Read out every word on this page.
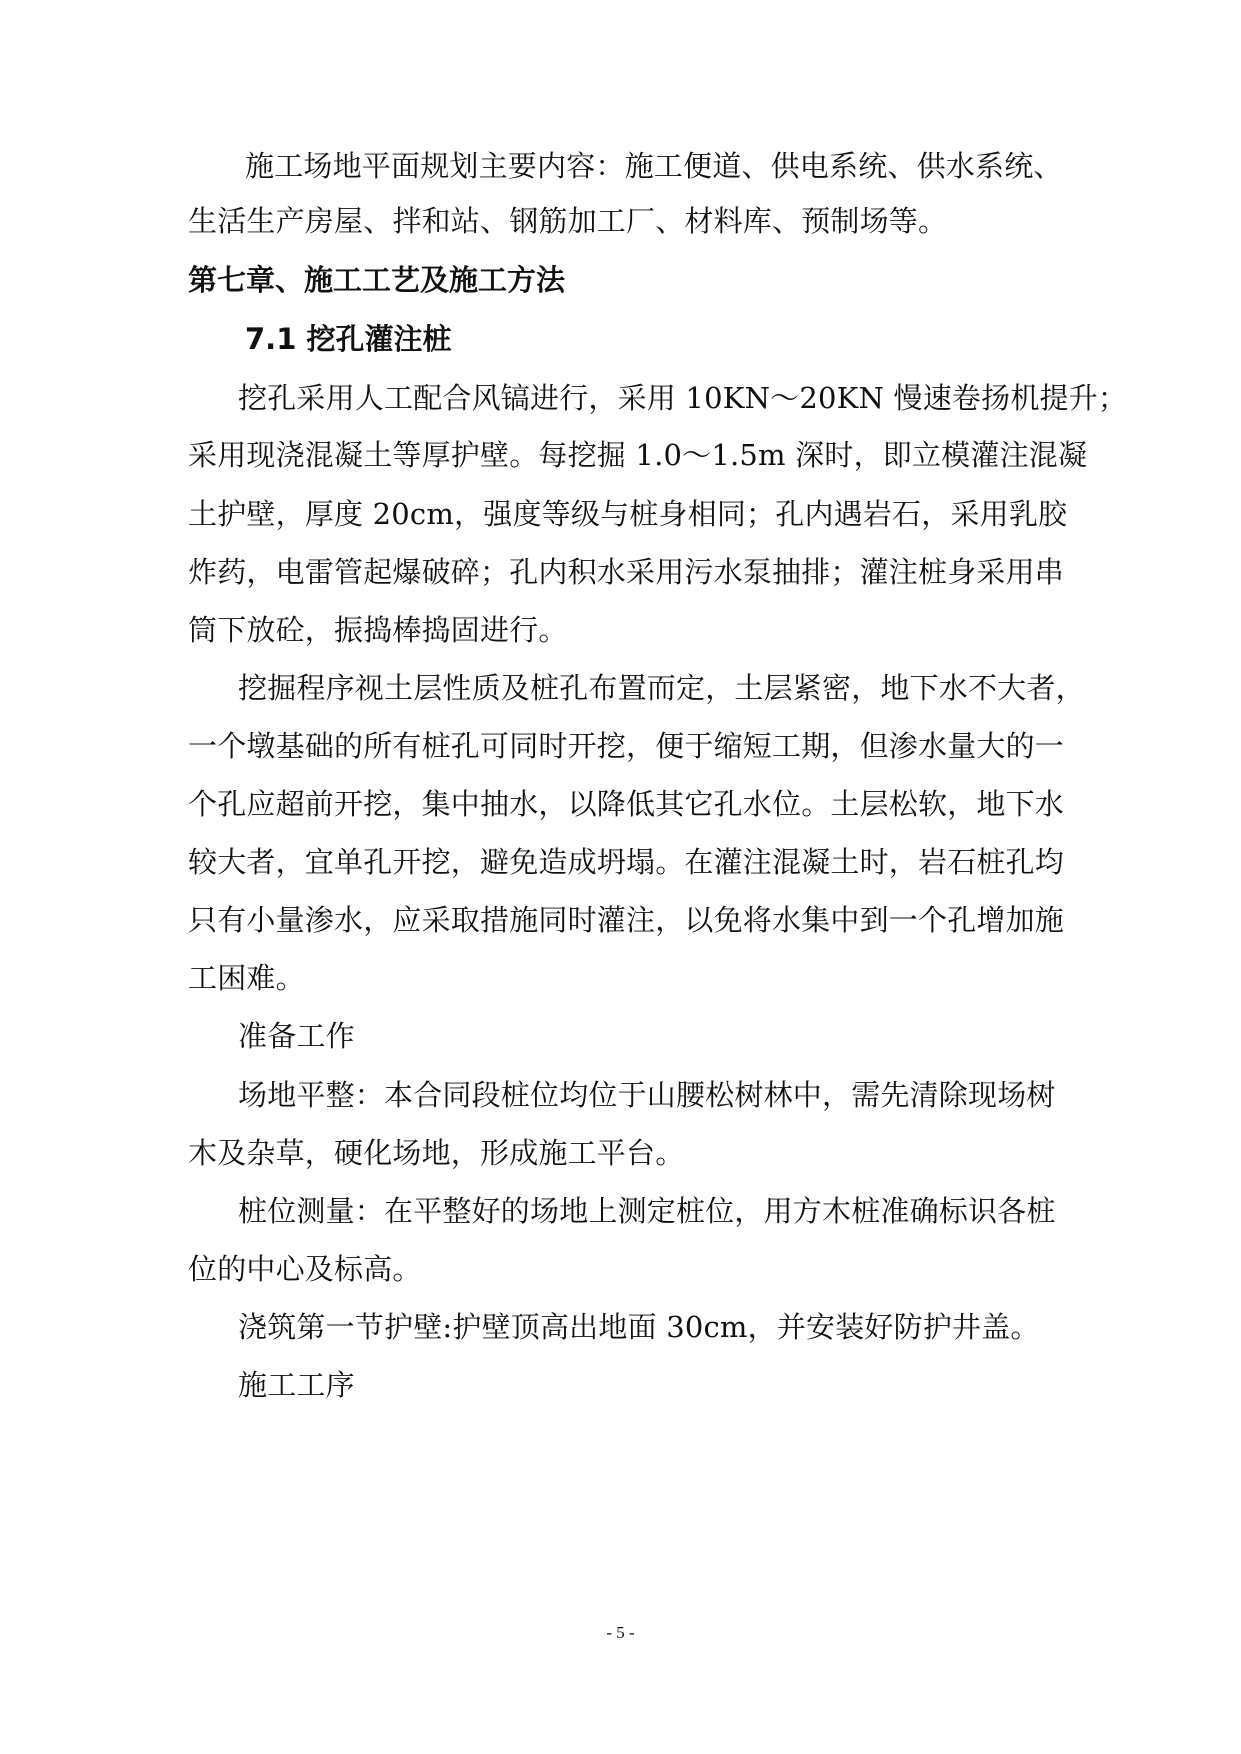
施工场地平面规划主要内容：施工便道、供电系统、供水系统、
生活生产房屋、拌和站、钢筋加工厂、材料库、预制场等。
第七章、施工工艺及施工方法
7.1 挖孔灌注桩
挖孔采用人工配合风镐进行，采用 10KN～20KN 慢速卷扬机提升；
采用现浇混凝土等厚护壁。每挖掘 1.0～1.5m 深时，即立模灌注混凝
土护壁，厚度 20cm，强度等级与桩身相同；孔内遇岩石，采用乳胶
炸药，电雷管起爆破碎；孔内积水采用污水泵抽排；灌注桩身采用串
筒下放砼，振捣棒捣固进行。
挖掘程序视土层性质及桩孔布置而定，土层紧密，地下水不大者，
一个墩基础的所有桩孔可同时开挖，便于缩短工期，但渗水量大的一
个孔应超前开挖，集中抽水，以降低其它孔水位。土层松软，地下水
较大者，宜单孔开挖，避免造成坍塌。在灌注混凝土时，岩石桩孔均
只有小量渗水，应采取措施同时灌注，以免将水集中到一个孔增加施
工困难。
准备工作
场地平整：本合同段桩位均位于山腰松树林中，需先清除现场树
木及杂草，硬化场地，形成施工平台。
桩位测量：在平整好的场地上测定桩位，用方木桩准确标识各桩
位的中心及标高。
浇筑第一节护壁:护壁顶高出地面 30cm，并安装好防护井盖。
施工工序
- 5 -
